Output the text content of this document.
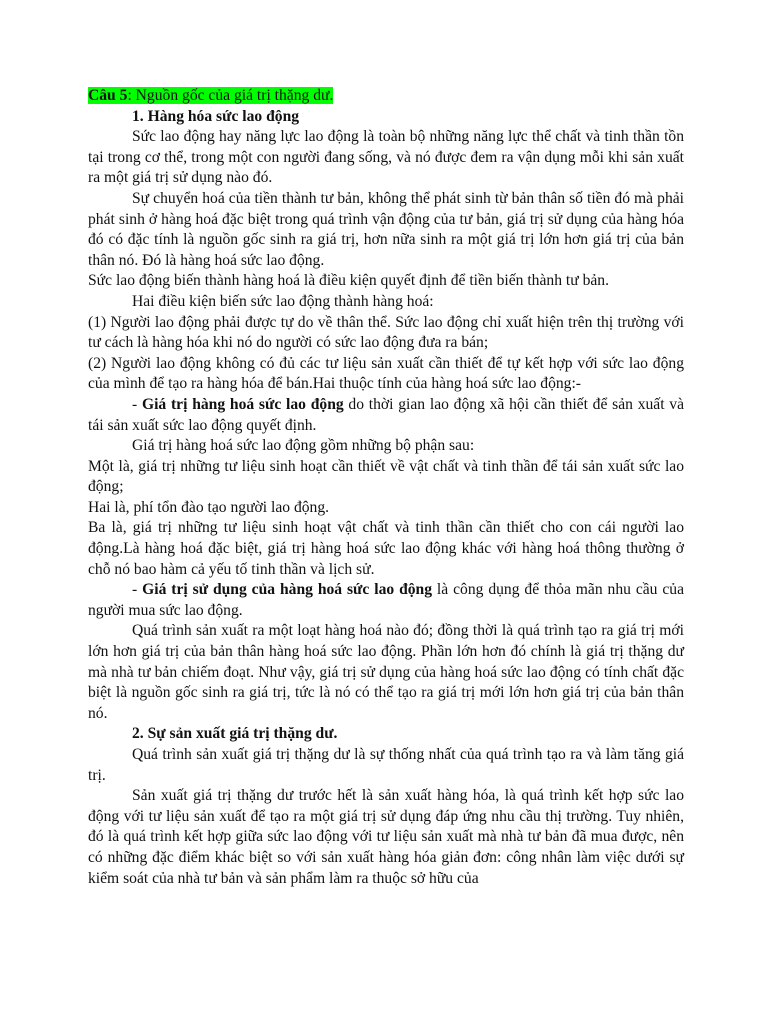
Câu 5: Nguồn gốc của giá trị thặng dư.

1. Hàng hóa sức lao động

Sức lao động hay năng lực lao động là toàn bộ những năng lực thể chất và tinh thần tồn tại trong cơ thể, trong một con người đang sống, và nó được đem ra vận dụng mỗi khi sản xuất ra một giá trị sử dụng nào đó.

Sự chuyển hoá của tiền thành tư bản, không thể phát sinh từ bản thân số tiền đó mà phải phát sinh ở hàng hoá đặc biệt trong quá trình vận động của tư bản, giá trị sử dụng của hàng hóa đó có đặc tính là nguồn gốc sinh ra giá trị, hơn nữa sinh ra một giá trị lớn hơn giá trị của bản thân nó. Đó là hàng hoá sức lao động.

Sức lao động biến thành hàng hoá là điều kiện quyết định để tiền biến thành tư bản.

Hai điều kiện biến sức lao động thành hàng hoá:

(1) Người lao động phải được tự do về thân thể. Sức lao động chỉ xuất hiện trên thị trường với tư cách là hàng hóa khi nó do người có sức lao động đưa ra bán;

(2) Người lao động không có đủ các tư liệu sản xuất cần thiết để tự kết hợp với sức lao động của mình để tạo ra hàng hóa để bán.Hai thuộc tính của hàng hoá sức lao động:-

- Giá trị hàng hoá sức lao động do thời gian lao động xã hội cần thiết để sản xuất và tái sản xuất sức lao động quyết định.

Giá trị hàng hoá sức lao động gồm những bộ phận sau:

Một là, giá trị những tư liệu sinh hoạt cần thiết về vật chất và tinh thần để tái sản xuất sức lao động;

Hai là, phí tổn đào tạo người lao động.

Ba là, giá trị những tư liệu sinh hoạt vật chất và tinh thần cần thiết cho con cái người lao động.Là hàng hoá đặc biệt, giá trị hàng hoá sức lao động khác với hàng hoá thông thường ở chỗ nó bao hàm cả yếu tố tinh thần và lịch sử.

- Giá trị sử dụng của hàng hoá sức lao động là công dụng để thỏa mãn nhu cầu của người mua sức lao động.

Quá trình sản xuất ra một loạt hàng hoá nào đó; đồng thời là quá trình tạo ra giá trị mới lớn hơn giá trị của bản thân hàng hoá sức lao động. Phần lớn hơn đó chính là giá trị thặng dư mà nhà tư bản chiếm đoạt. Như vậy, giá trị sử dụng của hàng hoá sức lao động có tính chất đặc biệt là nguồn gốc sinh ra giá trị, tức là nó có thể tạo ra giá trị mới lớn hơn giá trị của bản thân nó.

2. Sự sản xuất giá trị thặng dư.

Quá trình sản xuất giá trị thặng dư là sự thống nhất của quá trình tạo ra và làm tăng giá trị.

Sản xuất giá trị thặng dư trước hết là sản xuất hàng hóa, là quá trình kết hợp sức lao động với tư liệu sản xuất để tạo ra một giá trị sử dụng đáp ứng nhu cầu thị trường. Tuy nhiên, đó là quá trình kết hợp giữa sức lao động với tư liệu sản xuất mà nhà tư bản đã mua được, nên có những đặc điểm khác biệt so với sản xuất hàng hóa giản đơn: công nhân làm việc dưới sự kiểm soát của nhà tư bản và sản phẩm làm ra thuộc sở hữu của
